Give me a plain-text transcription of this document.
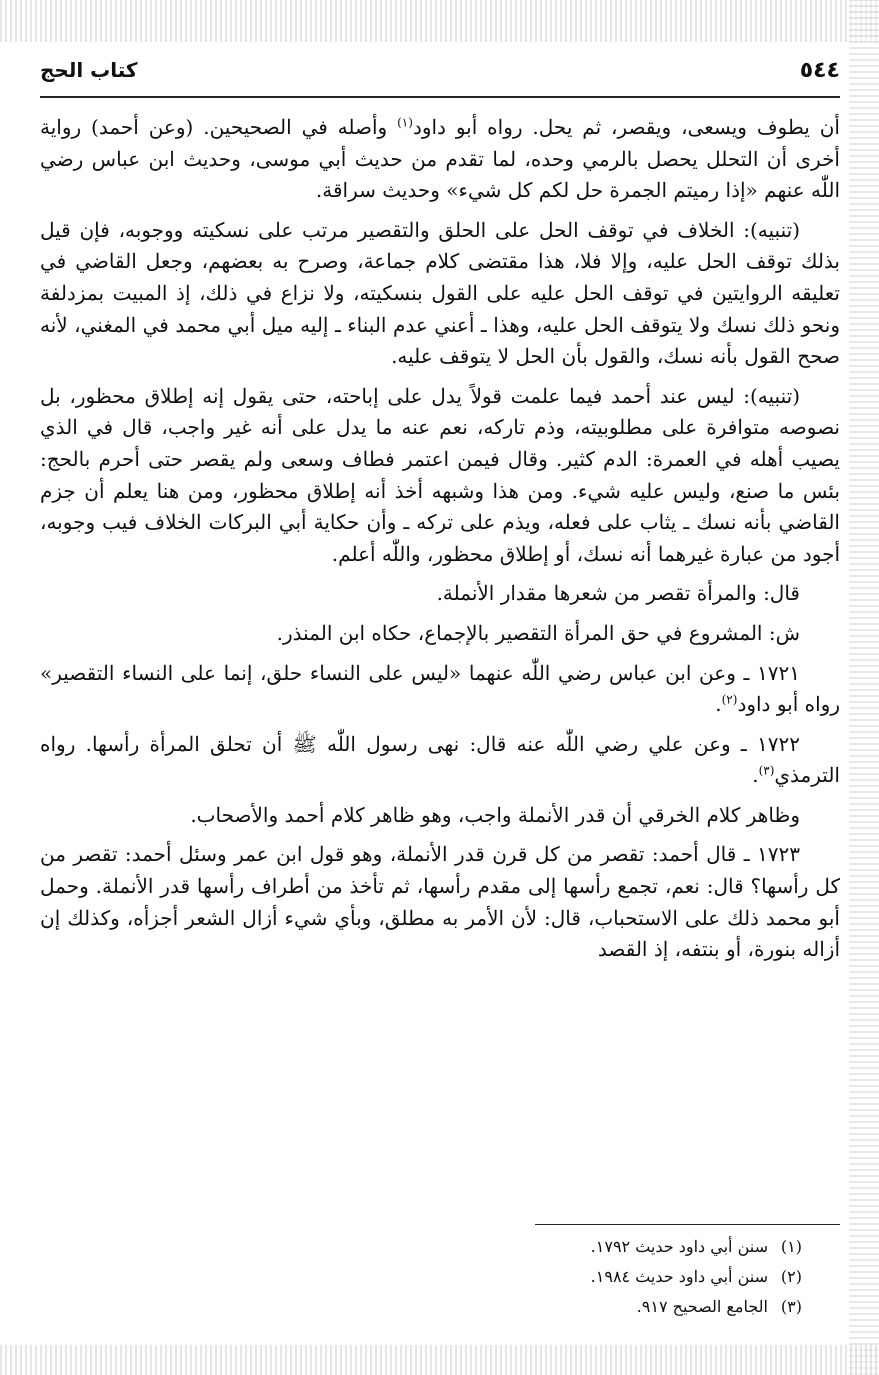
٥٤٤
كتاب الحج

أن يطوف ويسعى، ويقصر، ثم يحل. رواه أبو داود$^{(١)}$ وأصله في الصحيحين. (وعن أحمد) رواية أخرى أن التحلل يحصل بالرمي وحده، لما تقدم من حديث أبي موسى، وحديث ابن عباس رضي اللّٰه عنهم «إذا رميتم الجمرة حل لكم كل شيء» وحديث سراقة.

(تنبيه): الخلاف في توقف الحل على الحلق والتقصير مرتب على نسكيته ووجوبه، فإن قيل بذلك توقف الحل عليه، وإلا فلا، هذا مقتضى كلام جماعة، وصرح به بعضهم، وجعل القاضي في تعليقه الروايتين في توقف الحل عليه على القول بنسكيته، ولا نزاع في ذلك، إذ المبيت بمزدلفة ونحو ذلك نسك ولا يتوقف الحل عليه، وهذا ـ أعني عدم البناء ـ إليه ميل أبي محمد في المغني، لأنه صحح القول بأنه نسك، والقول بأن الحل لا يتوقف عليه.

(تنبيه): ليس عند أحمد فيما علمت قولاً يدل على إباحته، حتى يقول إنه إطلاق محظور، بل نصوصه متوافرة على مطلوبيته، وذم تاركه، نعم عنه ما يدل على أنه غير واجب، قال في الذي يصيب أهله في العمرة: الدم كثير. وقال فيمن اعتمر فطاف وسعى ولم يقصر حتى أحرم بالحج: بئس ما صنع، وليس عليه شيء. ومن هذا وشبهه أخذ أنه إطلاق محظور، ومن هنا يعلم أن جزم القاضي بأنه نسك ـ يثاب على فعله، ويذم على تركه ـ وأن حكاية أبي البركات الخلاف فيب وجوبه، أجود من عبارة غيرهما أنه نسك، أو إطلاق محظور، واللّٰه أعلم.

قال: والمرأة تقصر من شعرها مقدار الأنملة.

ش: المشروع في حق المرأة التقصير بالإجماع، حكاه ابن المنذر.

١٧٢١ ـ وعن ابن عباس رضي اللّٰه عنهما «ليس على النساء حلق، إنما على النساء التقصير» رواه أبو داود$^{(٢)}$.

١٧٢٢ ـ وعن علي رضي اللّٰه عنه قال: نهى رسول اللّٰه ﷺ أن تحلق المرأة رأسها. رواه الترمذي$^{(٣)}$.

وظاهر كلام الخرقي أن قدر الأنملة واجب، وهو ظاهر كلام أحمد والأصحاب.

١٧٢٣ ـ قال أحمد: تقصر من كل قرن قدر الأنملة، وهو قول ابن عمر وسئل أحمد: تقصر من كل رأسها؟ قال: نعم، تجمع رأسها إلى مقدم رأسها، ثم تأخذ من أطراف رأسها قدر الأنملة. وحمل أبو محمد ذلك على الاستحباب، قال: لأن الأمر به مطلق، وبأي شيء أزال الشعر أجزأه، وكذلك إن أزاله بنورة، أو بنتفه، إذ القصد

(١)سنن أبي داود حديث ١٧٩٢.
(٢)سنن أبي داود حديث ١٩٨٤.
(٣)الجامع الصحيح ٩١٧.
